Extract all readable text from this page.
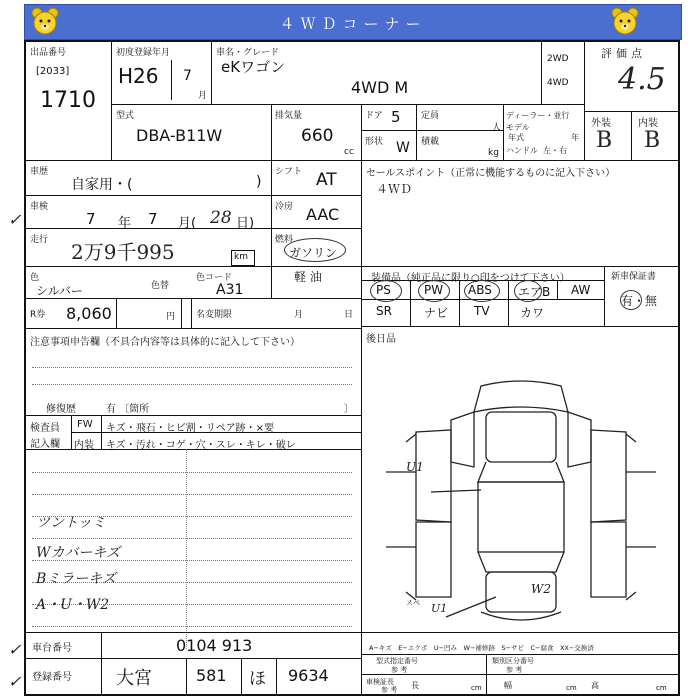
４ＷＤコーナー
出品番号
[2033]
1710
初度登録年月
H26 7
月
車名・グレード
eKワゴン
4WD M
2WD
4WD
評価点
4.5
外装	内装
B B
型式
DBA-B11W
排気量
660
cc
ドア 5
形状 W
定員
人
積載
kg
ディーラー・並行
モデル
年式	年
ハンドル 左・右
車歴
自家用・(	)
シフト AT
車検
7 年 7 月( 28 日)
冷房 AAC
走行 2万9千995	km
燃料
ガソリン
軽 油
色
シルバー	色替
色コード
A31
R券 8,060	円 名変期限	月	日
セールスポイント（正常に機能するものに記入下さい）
４ＷＤ
装備品（純正品に限り○印をつけて下さい）	新車保証書
有・無
PS	PW ABS エアB AW
SR	ナビ TV	カワ
後日品
注意事項申告欄（不具合内容等は具体的に記入して下さい）
修復歴	有 〔箇所	〕
検査員
記入欄
FW キズ・飛石・ヒビ割・リペア跡・×要
内装 キズ・汚れ・コゲ・穴・スレ・キレ・破レ
ツントッミ
Wカバーキズ
Bミラーキズ
A・U・W2
U1
W2
U1
スペ
車台番号	0104 913
登録番号 大宮	581 ほ 9634
A−キズ　E−エクボ　U−凹み　W−補修跡　S−サビ　C−腐食　XX−交換済
型式指定番号
参 考
類別区分番号
参 考
車検証長
参 考 長	cm	幅	cm 高	cm
✓
✓
✓
